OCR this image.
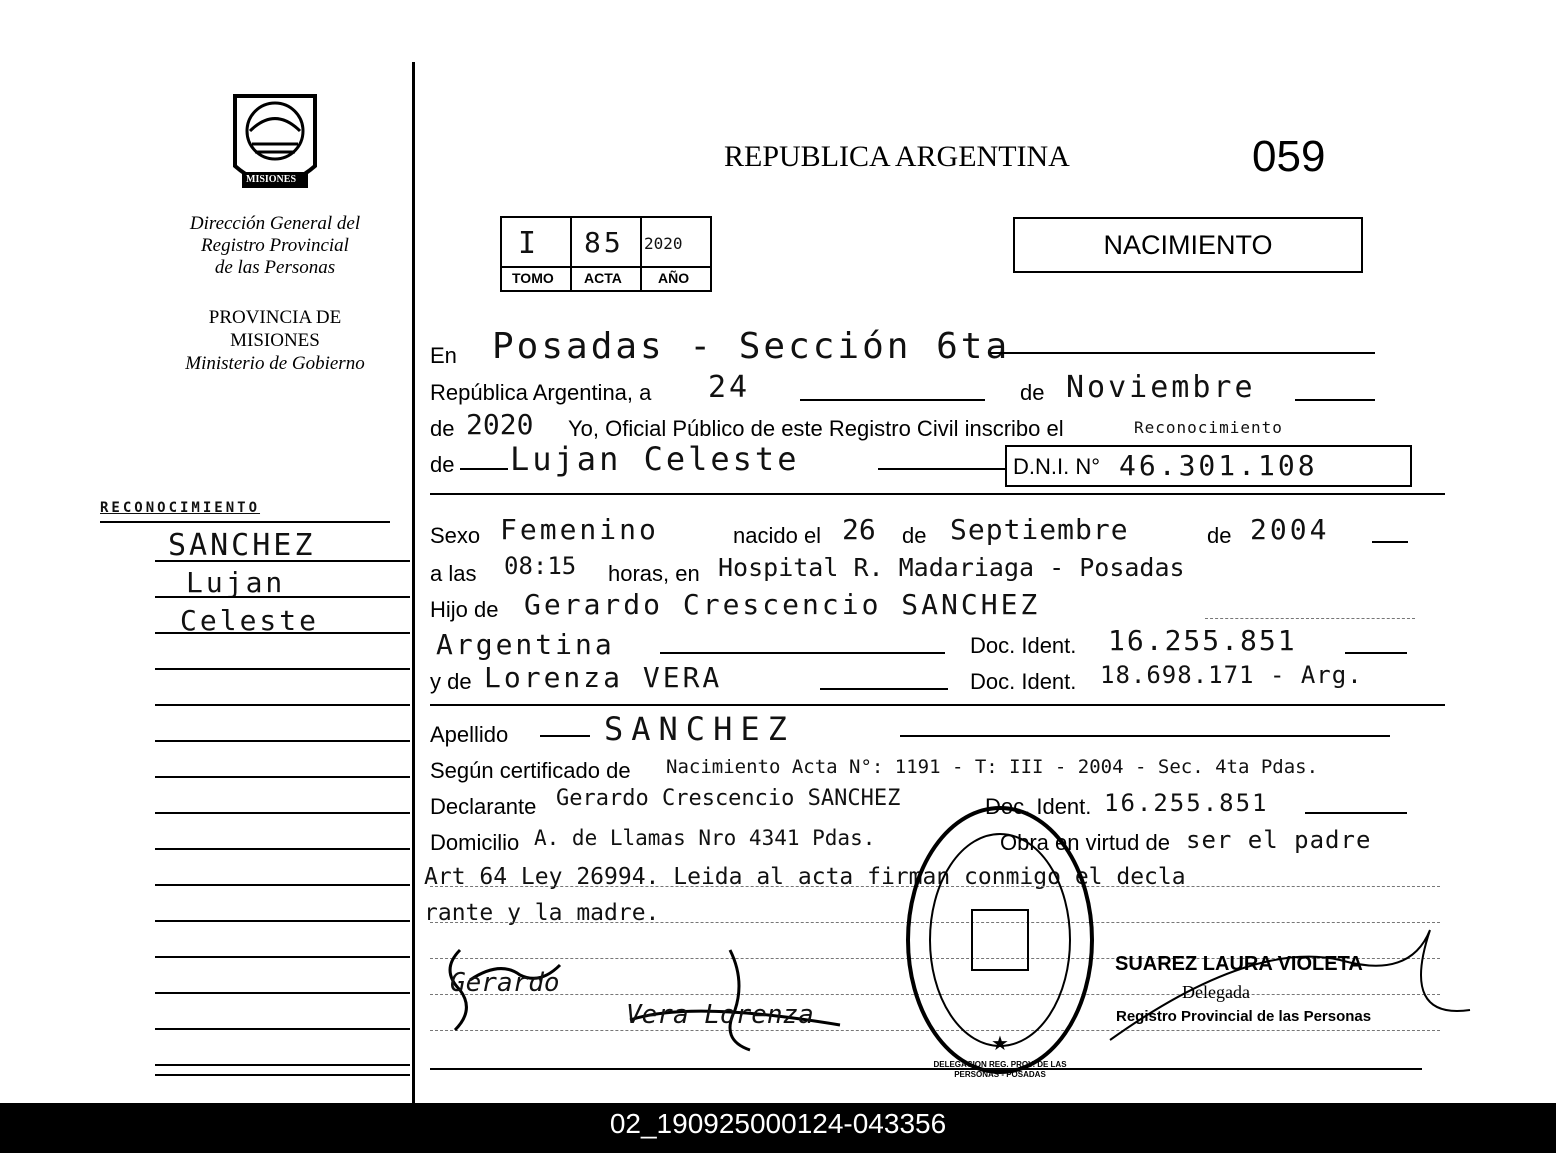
MISIONES
Dirección General del
Registro Provincial
de las Personas
PROVINCIA DE
MISIONES
Ministerio de Gobierno
RECONOCIMIENTO
SANCHEZ
Lujan
Celeste
REPUBLICA ARGENTINA	059
I 85 2020
TOMO ACTA	AÑO
NACIMIENTO
En Posadas - Sección 6ta
República Argentina, a 24	de Noviembre
de 2020 Yo, Oficial Público de este Registro Civil inscribo el	Reconocimiento
de Lujan Celeste	D.N.I. N° 46.301.108
Sexo Femenino	nacido el 26 de Septiembre	de 2004
a las 08:15 horas, en Hospital R. Madariaga - Posadas
Hijo de Gerardo Crescencio SANCHEZ
Argentina	Doc. Ident. 16.255.851
y de Lorenza VERA	Doc. Ident. 18.698.171 - Arg.
Apellido	SANCHEZ
Según certificado de Nacimiento Acta N°: 1191 - T: III - 2004 - Sec. 4ta Pdas.
Declarante Gerardo Crescencio SANCHEZ	Doc. Ident. 16.255.851
Domicilio A. de Llamas Nro 4341 Pdas.	Obra en virtud de ser el padre
Art 64 Ley 26994. Leida al acta firman conmigo el decla
rante y la madre.
★
DELEGACION REG. PROV. DE LAS PERSONAS - POSADAS
Gerardo
Vera Lorenza
SUAREZ LAURA VIOLETA
Delegada
Registro Provincial de las Personas
02_190925000124-043356
